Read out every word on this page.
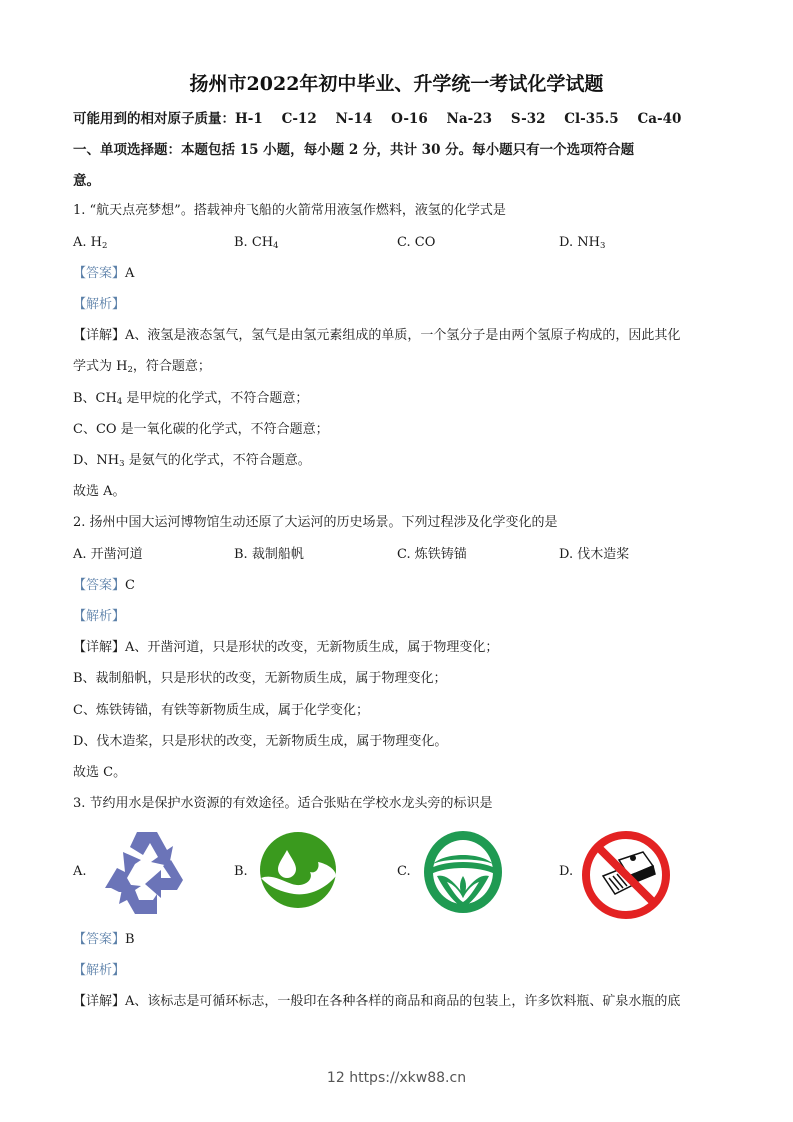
扬州市2022年初中毕业、升学统一考试化学试题
可能用到的相对原子质量：H-1 C-12 N-14 O-16 Na-23 S-32 Cl-35.5 Ca-40
一、单项选择题：本题包括 15 小题，每小题 2 分，共计 30 分。每小题只有一个选项符合题
意。
1. “航天点亮梦想”。搭载神舟飞船的火箭常用液氢作燃料，液氢的化学式是
A. $H_2$	B. $CH_4$	C. CO	D. $NH_3$
【答案】A
【解析】
【详解】A、液氢是液态氢气，氢气是由氢元素组成的单质，一个氢分子是由两个氢原子构成的，因此其化
学式为 $H_2$，符合题意；
B、$CH_4$ 是甲烷的化学式，不符合题意；
C、CO 是一氧化碳的化学式，不符合题意；
D、$NH_3$ 是氨气的化学式，不符合题意。
故选 A。
2. 扬州中国大运河博物馆生动还原了大运河的历史场景。下列过程涉及化学变化的是
A. 开凿河道	B. 裁制船帆	C. 炼铁铸锚	D. 伐木造桨
【答案】C
【解析】
【详解】A、开凿河道，只是形状的改变，无新物质生成，属于物理变化；
B、裁制船帆，只是形状的改变，无新物质生成，属于物理变化；
C、炼铁铸锚，有铁等新物质生成，属于化学变化；
D、伐木造桨，只是形状的改变，无新物质生成，属于物理变化。
故选 C。
3. 节约用水是保护水资源的有效途径。适合张贴在学校水龙头旁的标识是
A.	B.	C.	D.
【答案】B
【解析】
【详解】A、该标志是可循环标志，一般印在各种各样的商品和商品的包装上，许多饮料瓶、矿泉水瓶的底
12 https://xkw88.cn
